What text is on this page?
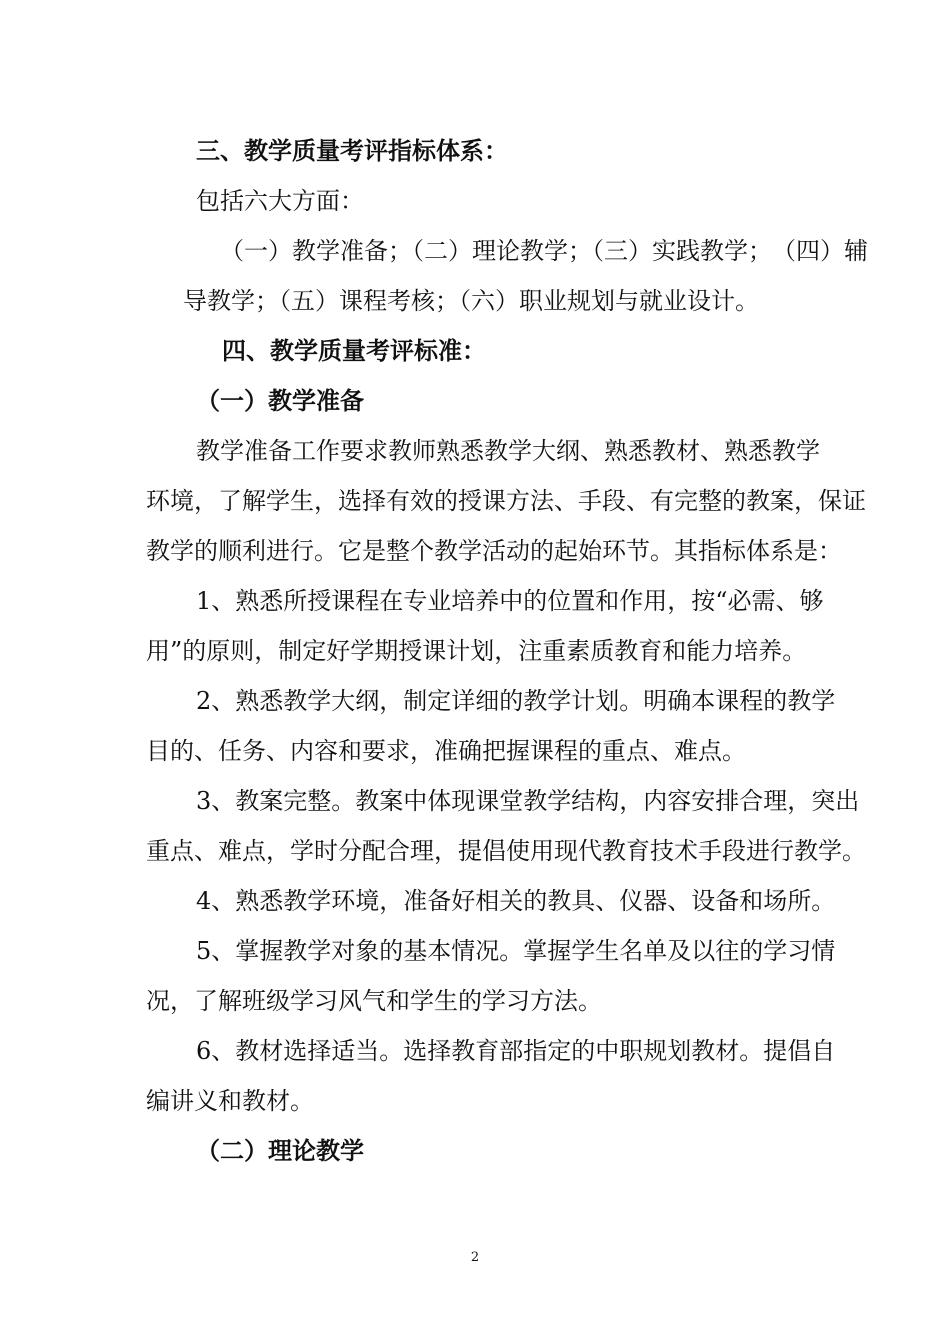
三、教学质量考评指标体系：
包括六大方面：
（一）教学准备；（二）理论教学；（三）实践教学；　（四）辅
导教学；（五）课程考核；（六）职业规划与就业设计。
四、教学质量考评标准：
（一）教学准备
教学准备工作要求教师熟悉教学大纲、熟悉教材、熟悉教学
环境，了解学生，选择有效的授课方法、手段、有完整的教案，保证
教学的顺利进行。它是整个教学活动的起始环节。其指标体系是：
1、熟悉所授课程在专业培养中的位置和作用，按“必需、够
用”的原则，制定好学期授课计划，注重素质教育和能力培养。
2、熟悉教学大纲，制定详细的教学计划。明确本课程的教学
目的、任务、内容和要求，准确把握课程的重点、难点。
3、教案完整。教案中体现课堂教学结构，内容安排合理，突出
重点、难点，学时分配合理，提倡使用现代教育技术手段进行教学。
4、熟悉教学环境，准备好相关的教具、仪器、设备和场所。
5、掌握教学对象的基本情况。掌握学生名单及以往的学习情
况，了解班级学习风气和学生的学习方法。
6、教材选择适当。选择教育部指定的中职规划教材。提倡自
编讲义和教材。
（二）理论教学
2
